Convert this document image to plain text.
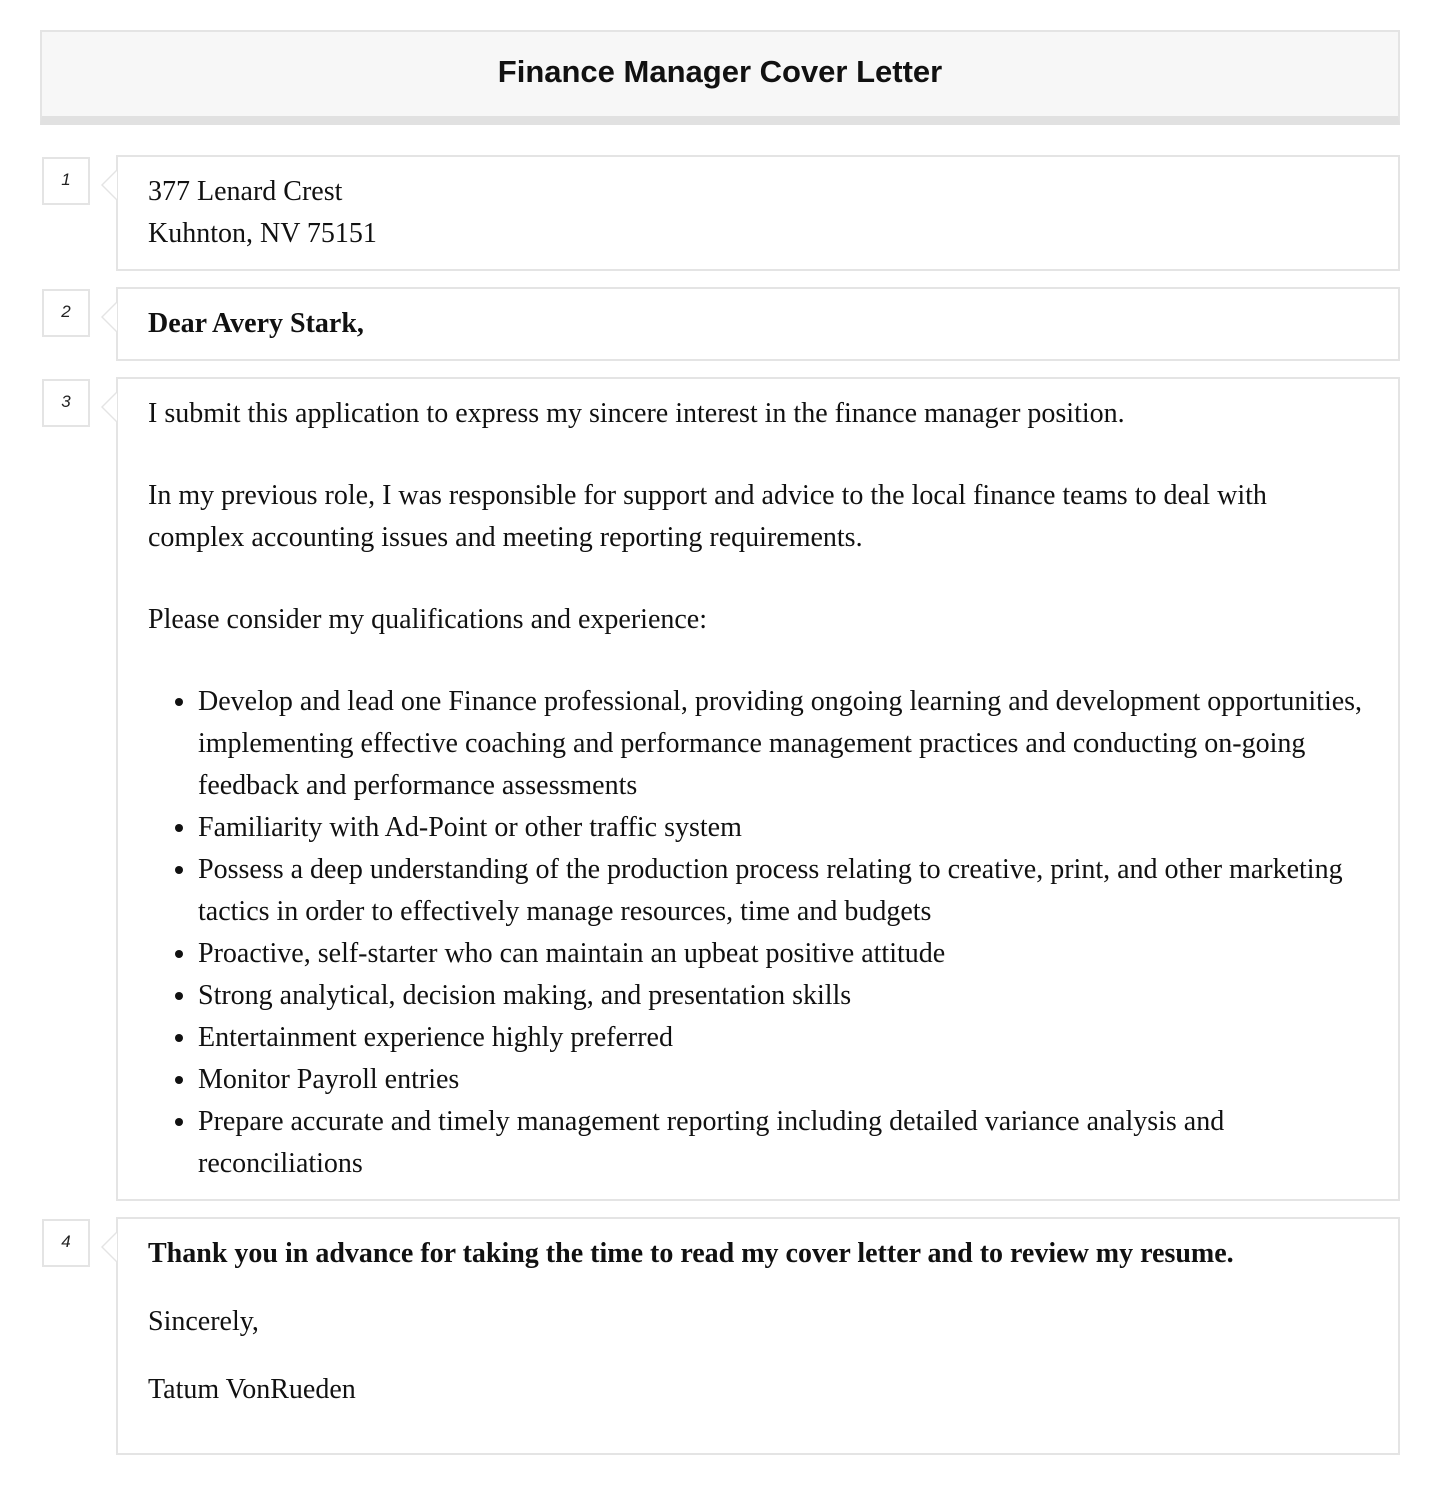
Finance Manager Cover Letter
1	377 Lenard Crest

Kuhnton, NV 75151

2	Dear Avery Stark,

3	I submit this application to express my sincere interest in the finance manager position.

In my previous role, I was responsible for support and advice to the local finance teams to deal with complex accounting issues and meeting reporting requirements.

Please consider my qualifications and experience:

• Develop and lead one Finance professional, providing ongoing learning and development opportunities, implementing effective coaching and performance management practices and conducting on-going feedback and performance assessments
• Familiarity with Ad-Point or other traffic system
• Possess a deep understanding of the production process relating to creative, print, and other marketing tactics in order to effectively manage resources, time and budgets
• Proactive, self-starter who can maintain an upbeat positive attitude
• Strong analytical, decision making, and presentation skills
• Entertainment experience highly preferred
• Monitor Payroll entries
• Prepare accurate and timely management reporting including detailed variance analysis and reconciliations
4	Thank you in advance for taking the time to read my cover letter and to review my resume.

Sincerely,

Tatum VonRueden
